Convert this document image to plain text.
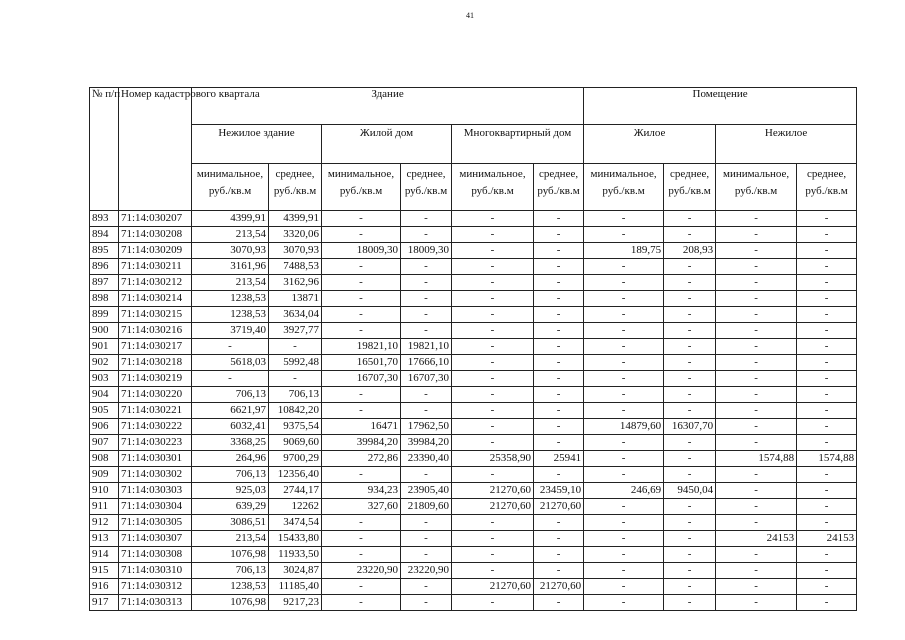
41
№ п/п	Номер кадастрового квартала	Здание						Помещение			
		Нежилое здание		Жилой дом		Многоквартирный дом		Жилое		Нежилое	
		минимальное, руб./кв.м	среднее, руб./кв.м	минимальное, руб./кв.м	среднее, руб./кв.м	минимальное, руб./кв.м	среднее, руб./кв.м	минимальное, руб./кв.м	среднее, руб./кв.м	минимальное, руб./кв.м	среднее, руб./кв.м
893	71:14:030207	4399,91	4399,91	-	-	-	-	-	-	-	-
894	71:14:030208	213,54	3320,06	-	-	-	-	-	-	-	-
895	71:14:030209	3070,93	3070,93	18009,30	18009,30	-	-	189,75	208,93	-	-
896	71:14:030211	3161,96	7488,53	-	-	-	-	-	-	-	-
897	71:14:030212	213,54	3162,96	-	-	-	-	-	-	-	-
898	71:14:030214	1238,53	13871	-	-	-	-	-	-	-	-
899	71:14:030215	1238,53	3634,04	-	-	-	-	-	-	-	-
900	71:14:030216	3719,40	3927,77	-	-	-	-	-	-	-	-
901	71:14:030217	-	-	19821,10	19821,10	-	-	-	-	-	-
902	71:14:030218	5618,03	5992,48	16501,70	17666,10	-	-	-	-	-	-
903	71:14:030219	-	-	16707,30	16707,30	-	-	-	-	-	-
904	71:14:030220	706,13	706,13	-	-	-	-	-	-	-	-
905	71:14:030221	6621,97	10842,20	-	-	-	-	-	-	-	-
906	71:14:030222	6032,41	9375,54	16471	17962,50	-	-	14879,60	16307,70	-	-
907	71:14:030223	3368,25	9069,60	39984,20	39984,20	-	-	-	-	-	-
908	71:14:030301	264,96	9700,29	272,86	23390,40	25358,90	25941	-	-	1574,88	1574,88
909	71:14:030302	706,13	12356,40	-	-	-	-	-	-	-	-
910	71:14:030303	925,03	2744,17	934,23	23905,40	21270,60	23459,10	246,69	9450,04	-	-
911	71:14:030304	639,29	12262	327,60	21809,60	21270,60	21270,60	-	-	-	-
912	71:14:030305	3086,51	3474,54	-	-	-	-	-	-	-	-
913	71:14:030307	213,54	15433,80	-	-	-	-	-	-	24153	24153
914	71:14:030308	1076,98	11933,50	-	-	-	-	-	-	-	-
915	71:14:030310	706,13	3024,87	23220,90	23220,90	-	-	-	-	-	-
916	71:14:030312	1238,53	11185,40	-	-	21270,60	21270,60	-	-	-	-
917	71:14:030313	1076,98	9217,23	-	-	-	-	-	-	-	-
